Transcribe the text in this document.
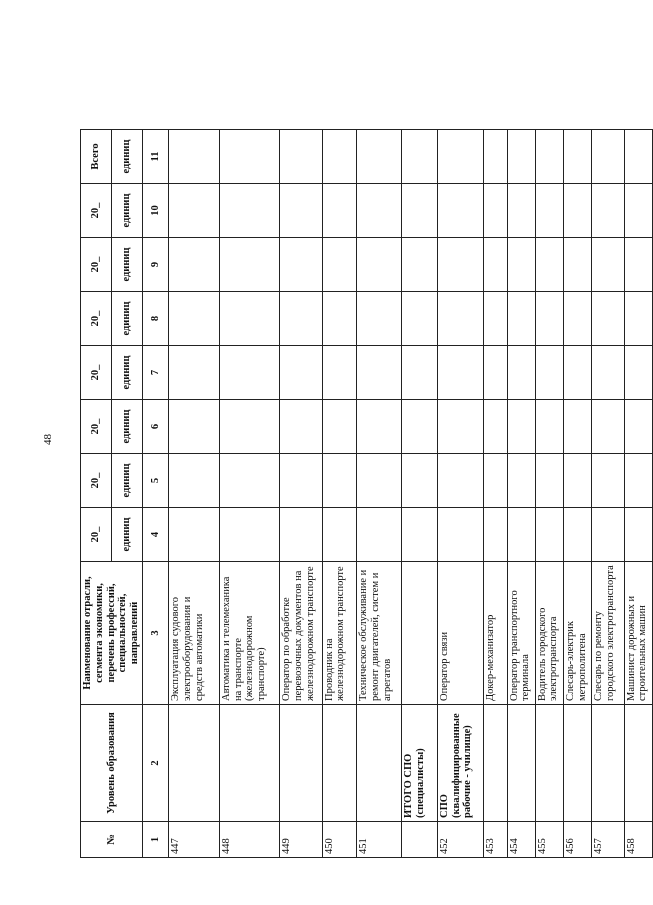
48
№	Уровень образования	Наименование отрасли, сегмента экономики, перечень профессий, специальностей, направлений	20_	20_	20_	20_	20_	20_	20_	Всего
			единиц	единиц	единиц	единиц	единиц	единиц	единиц	единиц
1	2	3	4	5	6	7	8	9	10	11
447		Эксплуатация судового электрооборудования и средств автоматики								
448		Автоматика и телемеханика на транспорте (железнодорожном транспорте)								
449		Оператор по обработке перевозочных документов на железнодорожном транспорте								
450		Проводник на железнодорожном транспорте								
451		Техническое обслуживание и ремонт двигателей, систем и агрегатов								
	ИТОГО СПО (специалисты)									
452	СПО (квалифицированные рабочие - училище)	Оператор связи								
453		Докер-механизатор								
454		Оператор транспортного терминала								
455		Водитель городского электротранспорта								
456		Слесарь-электрик метрополитена								
457		Слесарь по ремонту городского электротранспорта								
458		Машинист дорожных и строительных машин								
